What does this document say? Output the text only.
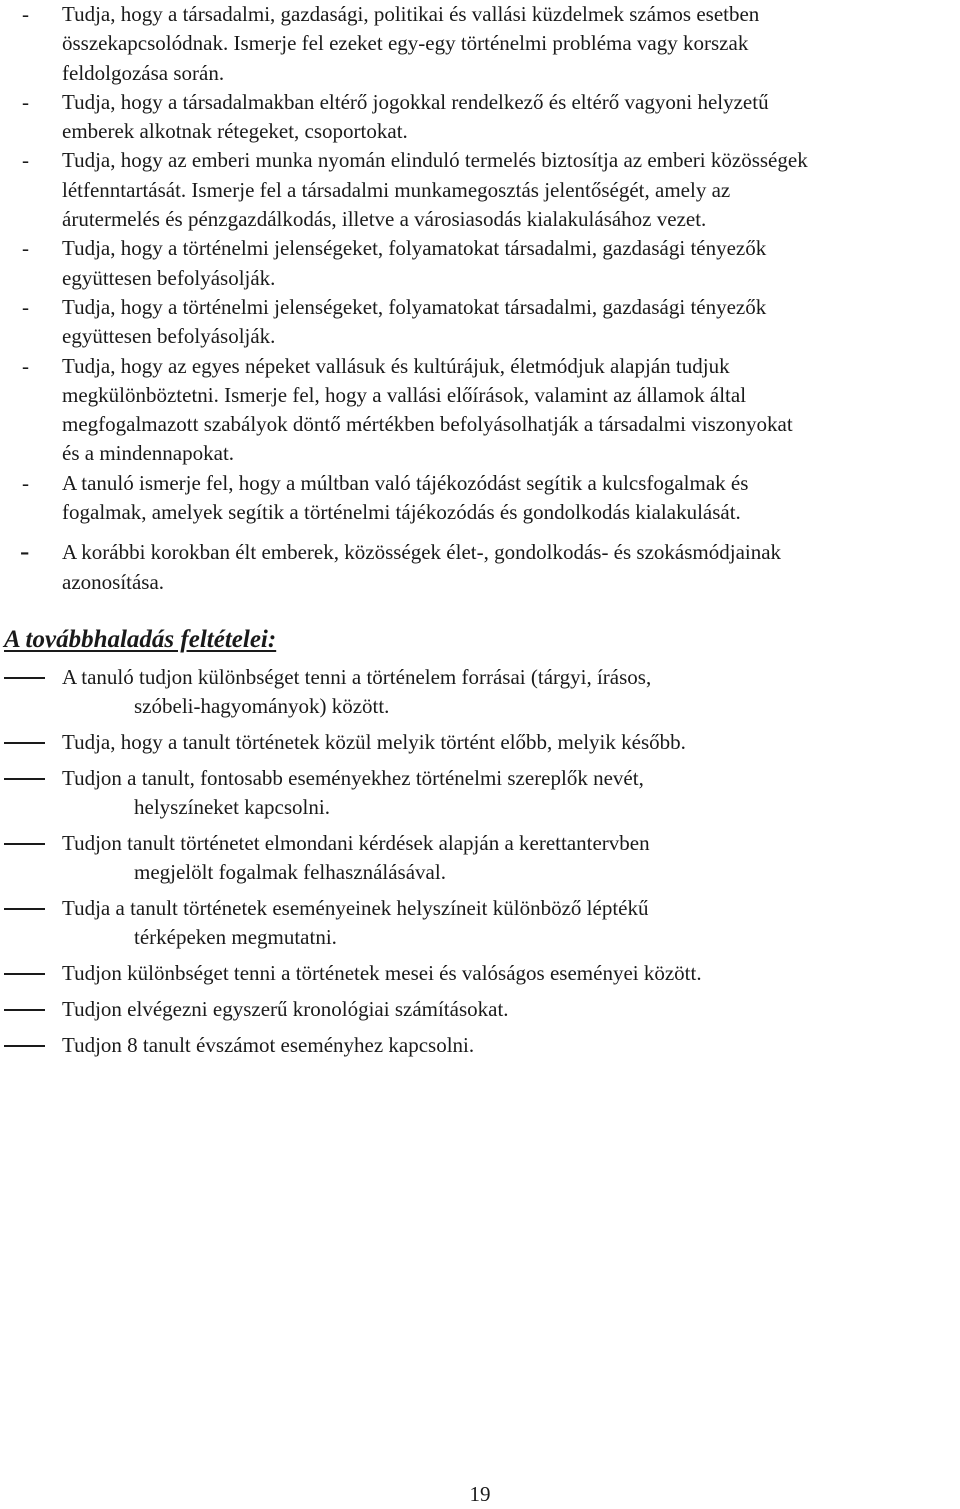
-	Tudja, hogy a társadalmi, gazdasági, politikai és vallási küzdelmek számos esetben
összekapcsolódnak. Ismerje fel ezeket egy-egy történelmi probléma vagy korszak
feldolgozása során.
-	Tudja, hogy a társadalmakban eltérő jogokkal rendelkező és eltérő vagyoni helyzetű
emberek alkotnak rétegeket, csoportokat.
-	Tudja, hogy az emberi munka nyomán elinduló termelés biztosítja az emberi közösségek
létfenntartását. Ismerje fel a társadalmi munkamegosztás jelentőségét, amely az
árutermelés és pénzgazdálkodás, illetve a városiasodás kialakulásához vezet.
-	Tudja, hogy a történelmi jelenségeket, folyamatokat társadalmi, gazdasági tényezők
együttesen befolyásolják.
-	Tudja, hogy a történelmi jelenségeket, folyamatokat társadalmi, gazdasági tényezők
együttesen befolyásolják.
-	Tudja, hogy az egyes népeket vallásuk és kultúrájuk, életmódjuk alapján tudjuk
megkülönböztetni. Ismerje fel, hogy a vallási előírások, valamint az államok által
megfogalmazott szabályok döntő mértékben befolyásolhatják a társadalmi viszonyokat
és a mindennapokat.
-	A tanuló ismerje fel, hogy a múltban való tájékozódást segítik a kulcsfogalmak és
fogalmak, amelyek segítik a történelmi tájékozódás és gondolkodás kialakulását.
- A korábbi korokban élt emberek, közösségek élet-, gondolkodás- és szokásmódjainak
azonosítása.
A továbbhaladás feltételei:
A tanuló tudjon különbséget tenni a történelem forrásai (tárgyi, írásos,
szóbeli-hagyományok) között.
Tudja, hogy a tanult történetek közül melyik történt előbb, melyik később.
Tudjon a tanult, fontosabb eseményekhez történelmi szereplők nevét,
helyszíneket kapcsolni.
Tudjon tanult történetet elmondani kérdések alapján a kerettantervben
megjelölt fogalmak felhasználásával.
Tudja a tanult történetek eseményeinek helyszíneit különböző léptékű
térképeken megmutatni.
Tudjon különbséget tenni a történetek mesei és valóságos eseményei között.
Tudjon elvégezni egyszerű kronológiai számításokat.
Tudjon 8 tanult évszámot eseményhez kapcsolni.
19
